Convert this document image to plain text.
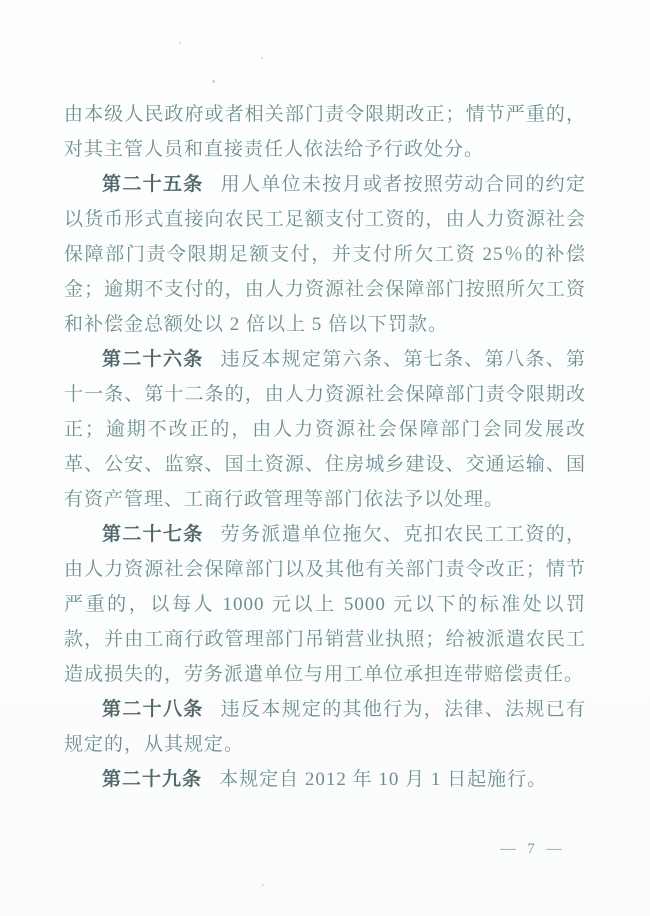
由本级人民政府或者相关部门责令限期改正；情节严重的，对其主管人员和直接责任人依法给予行政处分。

第二十五条 用人单位未按月或者按照劳动合同的约定以货币形式直接向农民工足额支付工资的，由人力资源社会保障部门责令限期足额支付，并支付所欠工资 25％的补偿金；逾期不支付的，由人力资源社会保障部门按照所欠工资和补偿金总额处以 2 倍以上 5 倍以下罚款。

第二十六条 违反本规定第六条、第七条、第八条、第十一条、第十二条的，由人力资源社会保障部门责令限期改正；逾期不改正的，由人力资源社会保障部门会同发展改革、公安、监察、国土资源、住房城乡建设、交通运输、国有资产管理、工商行政管理等部门依法予以处理。

第二十七条 劳务派遣单位拖欠、克扣农民工工资的，由人力资源社会保障部门以及其他有关部门责令改正；情节严重的，以每人 1000 元以上 5000 元以下的标准处以罚款，并由工商行政管理部门吊销营业执照；给被派遣农民工造成损失的，劳务派遣单位与用工单位承担连带赔偿责任。

第二十八条 违反本规定的其他行为，法律、法规已有规定的，从其规定。

第二十九条 本规定自 2012 年 10 月 1 日起施行。

— 7 —
